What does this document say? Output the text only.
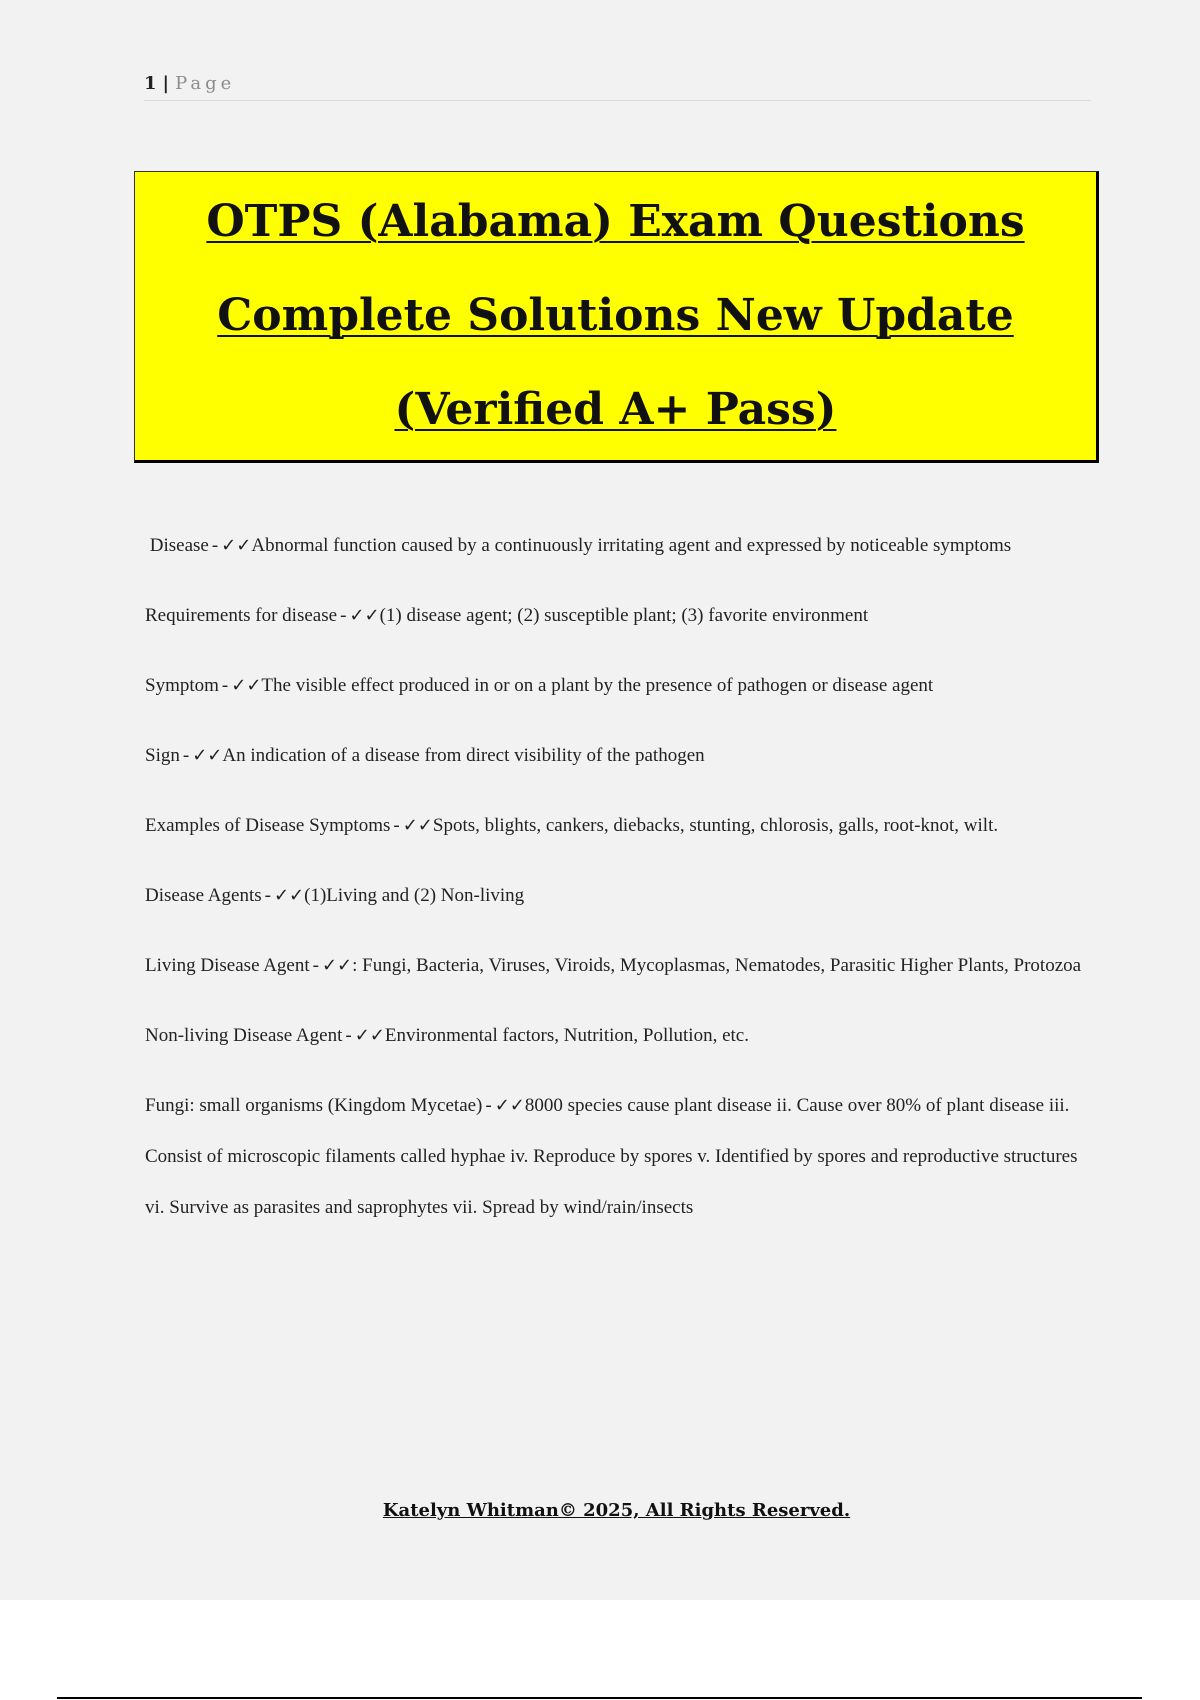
1 | Page
OTPS (Alabama) Exam Questions
Complete Solutions New Update
(Verified A+ Pass)

Disease - ✓✓Abnormal function caused by a continuously irritating agent and expressed by noticeable symptoms

Requirements for disease - ✓✓(1) disease agent; (2) susceptible plant; (3) favorite environment

Symptom - ✓✓The visible effect produced in or on a plant by the presence of pathogen or disease agent

Sign - ✓✓An indication of a disease from direct visibility of the pathogen

Examples of Disease Symptoms - ✓✓Spots, blights, cankers, diebacks, stunting, chlorosis, galls, root-knot, wilt.

Disease Agents - ✓✓(1)Living and (2) Non-living

Living Disease Agent - ✓✓: Fungi, Bacteria, Viruses, Viroids, Mycoplasmas, Nematodes, Parasitic Higher Plants, Protozoa

Non-living Disease Agent - ✓✓Environmental factors, Nutrition, Pollution, etc.

Fungi: small organisms (Kingdom Mycetae) - ✓✓8000 species cause plant disease ii. Cause over 80% of plant disease iii. Consist of microscopic filaments called hyphae iv. Reproduce by spores v. Identified by spores and reproductive structures vi. Survive as parasites and saprophytes vii. Spread by wind/rain/insects

Katelyn Whitman© 2025, All Rights Reserved.
